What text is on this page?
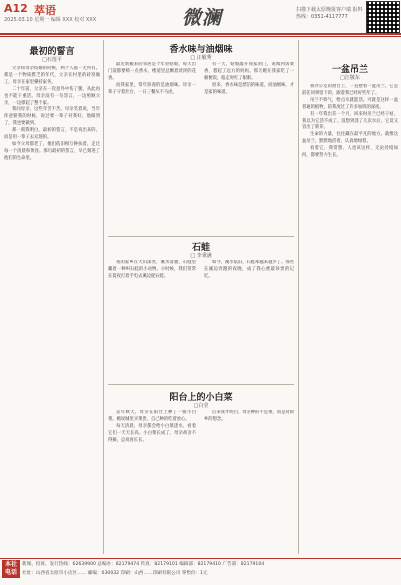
A12 萃语
2025.03.10 星期一 编辑 XXX 校对 XXX	微澜	扫描下载太原晚报客户端 报料热线：0351-4117777
最初的誓言
□石莲平

父亲和母亲结婚的时候，两个人都一无所有。那是一个物质匮乏的年代，父亲在村里的砖窑做工，母亲在家里操持家务。

二十年前，父亲在一次意外中伤了腿，从此再也不能干重活。母亲没有一句怨言，一边照顾父亲，一边撑起了整个家。

我问母亲，这些年苦不苦。母亲笑着说，当年你爸娶我的时候，说过要一辈子对我好，他做到了，我也要做到。

那一刻我明白，最初的誓言，不是说出来的，而是用一辈子去兑现的。

如今父母都老了，他们依旧相互搀扶着，走过每一个清晨和黄昏。那句最初的誓言，早已刻进了他们的生命里。

香水味与油烟味
□ 汪敏秀

最近新搬来的邻居是个年轻姑娘，每天出门前都要喷一点香水，楼道里总飘着淡淡的花香。

而我家里，常年弥漫的是油烟味。母亲一辈子守着灶台，一日三餐从不马虎。

有一天，姑娘敲开我家的门，说闻到饭菜香，想起了远方的妈妈。那天她在我家吃了一顿便饭，临走时红了眼眶。

原来，香水味是漂泊的味道，而油烟味，才是家的味道。

石蛙
□ 李秉满

我的家乡在大山深处，溪水清澈，石缝里藏着一种叫石蛙的小动物。小时候，我们常常在夏夜打着手电去溪边捉石蛙。

如今，溪水依旧，石蛙却越来越少了。那些在溪边奔跑的夜晚，成了我心底最珍贵的记忆。

阳台上的小白菜
□白莹

去年秋天，母亲在阳台上种了一排小白菜。她说城里买菜贵，自己种的吃着放心。

每天清晨，母亲都会给小白菜浇水，看着它们一天天长高。小白菜长成了，母亲却舍不得摘，总说再长长。

后来我才明白，母亲种的不是菜，而是对故乡的想念。

一盆吊兰
□江敬东

我办公室的窗台上，一直摆着一盆吊兰。它是前任同事留下的，跟着我已经好些年了。

吊兰不娇气，给点水就能活。可就是这样一盆普通的植物，陪我度过了许多加班的深夜。

有一年我出差一个月，回来时吊兰已经干枯，我以为它活不成了。没想到浇了几次水后，它竟又冒出了新芽。

生命的力量，往往藏在最平凡的地方。就像这盆吊兰，默默地活着，认真地绿着。

看着它，我常想，人也该这样，无论处境如何，都要努力生长。

本社电话
新闻、投诉、发行热线：62639900 总编办：82179474 传真：82179101 编辑部：82179410 广告部：82179104
社址：山西省太原市小店区…… 邮编：030032 印刷：山西……印刷有限公司 零售价：1元
